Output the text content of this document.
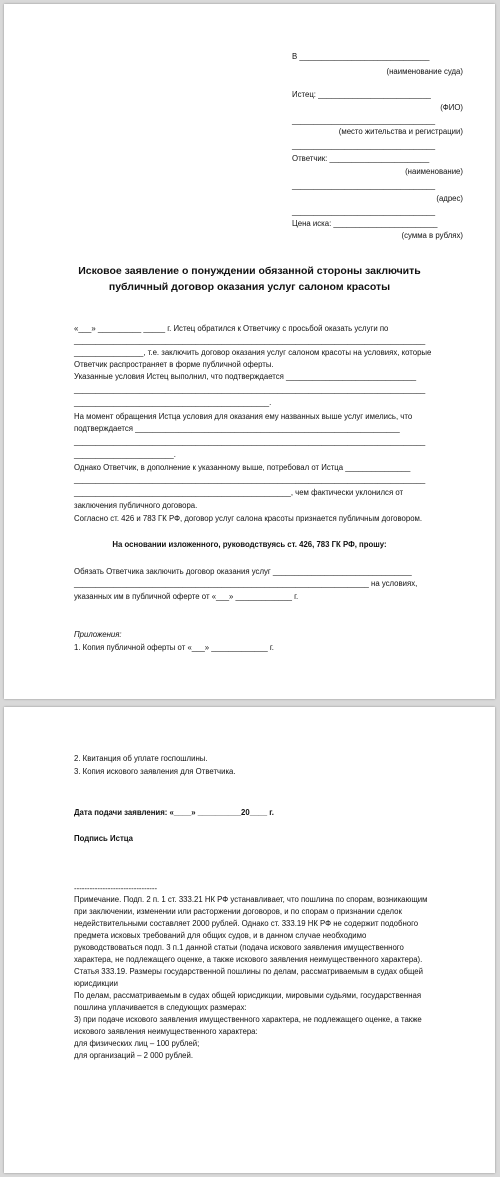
В ______________________________
(наименование суда)
Истец: __________________________
(ФИО)
_________________________________
(место жительства и регистрации)
_________________________________
Ответчик: _______________________
(наименование)
_________________________________
(адрес)
_________________________________
Цена иска: ________________________
(сумма в рублях)
Исковое заявление о понуждении обязанной стороны заключить
публичный договор оказания услуг салоном красоты
«___» __________ _____ г. Истец обратился к Ответчику с просьбой оказать услуги по
_________________________________________________________________________________
________________, т.е. заключить договор оказания услуг салоном красоты на условиях, которые
Ответчик распространяет в форме публичной оферты.
Указанные условия Истец выполнил, что подтверждается ______________________________
_________________________________________________________________________________
_____________________________________________.
На момент обращения Истца условия для оказания ему названных выше услуг имелись, что
подтверждается _____________________________________________________________
_________________________________________________________________________________
_______________________.
Однако Ответчик, в дополнение к указанному выше, потребовал от Истца _______________
_________________________________________________________________________________
__________________________________________________, чем фактически уклонился от
заключения публичного договора.
Согласно ст. 426 и 783 ГК РФ, договор услуг салона красоты признается публичным договором.
На основании изложенного, руководствуясь ст. 426, 783 ГК РФ, прошу:
Обязать Ответчика заключить договор оказания услуг ________________________________
____________________________________________________________________ на условиях,
указанных им в публичной оферте от «___» _____________ г.
Приложения:
1. Копия публичной оферты от «___» _____________ г.
2. Квитанция об уплате госпошлины.
3. Копия искового заявления для Ответчика.
Дата подачи заявления: «____» __________20____ г.
Подпись Истца
--------------------------------
Примечание. Подп. 2 п. 1 ст. 333.21 НК РФ устанавливает, что пошлина по спорам, возникающим
при заключении, изменении или расторжении договоров, и по спорам о признании сделок
недействительными составляет 2000 рублей. Однако ст. 333.19 НК РФ не содержит подобного
предмета исковых требований для общих судов, и в данном случае необходимо
руководствоваться подп. 3 п.1 данной статьи (подача искового заявления имущественного
характера, не подлежащего оценке, а также искового заявления неимущественного характера).
Статья 333.19. Размеры государственной пошлины по делам, рассматриваемым в судах общей
юрисдикции
По делам, рассматриваемым в судах общей юрисдикции, мировыми судьями, государственная
пошлина уплачивается в следующих размерах:
3) при подаче искового заявления имущественного характера, не подлежащего оценке, а также
искового заявления неимущественного характера:
для физических лиц – 100 рублей;
для организаций – 2 000 рублей.
